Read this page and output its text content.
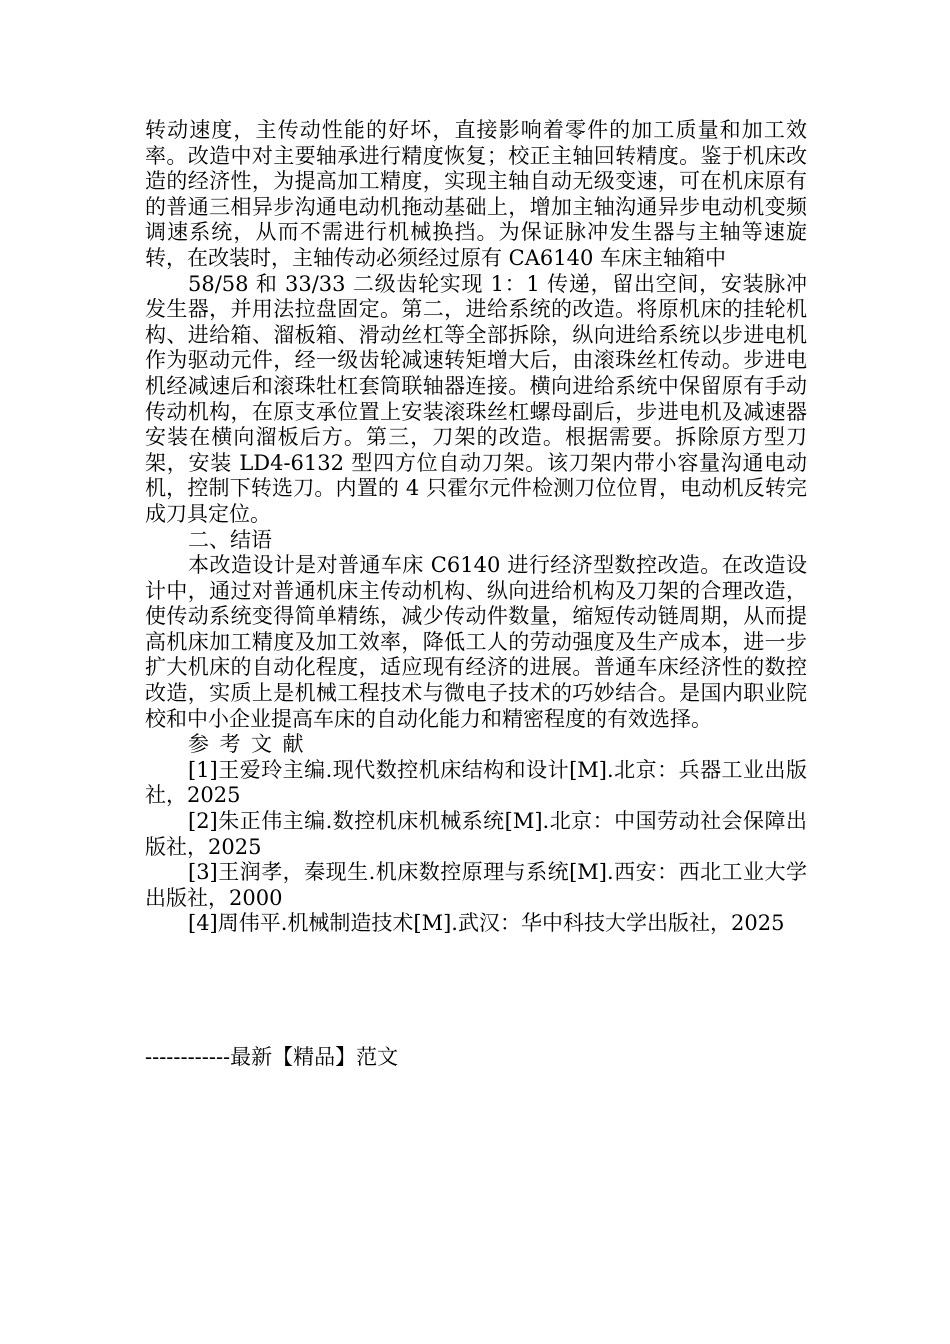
转动速度，主传动性能的好坏，直接影响着零件的加工质量和加工效率。改造中对主要轴承进行精度恢复；校正主轴回转精度。鉴于机床改造的经济性，为提高加工精度，实现主轴自动无级变速，可在机床原有的普通三相异步沟通电动机拖动基础上，增加主轴沟通异步电动机变频调速系统，从而不需进行机械换挡。为保证脉冲发生器与主轴等速旋转，在改装时，主轴传动必须经过原有 CA6140 车床主轴箱中

58/58 和 33/33 二级齿轮实现 1：1 传递，留出空间，安装脉冲发生器，并用法拉盘固定。第二，进给系统的改造。将原机床的挂轮机构、进给箱、溜板箱、滑动丝杠等全部拆除，纵向进给系统以步进电机作为驱动元件，经一级齿轮减速转矩增大后，由滚珠丝杠传动。步进电机经减速后和滚珠牡杠套筒联轴器连接。横向进给系统中保留原有手动传动机构，在原支承位置上安装滚珠丝杠螺母副后，步进电机及减速器安装在横向溜板后方。第三，刀架的改造。根据需要。拆除原方型刀架，安装 LD4-6132 型四方位自动刀架。该刀架内带小容量沟通电动机，控制下转选刀。内置的 4 只霍尔元件检测刀位位胃，电动机反转完成刀具定位。

二、结语

本改造设计是对普通车床 C6140 进行经济型数控改造。在改造设计中，通过对普通机床主传动机构、纵向进给机构及刀架的合理改造，使传动系统变得简单精练，减少传动件数量，缩短传动链周期，从而提高机床加工精度及加工效率，降低工人的劳动强度及生产成本，进一步扩大机床的自动化程度，适应现有经济的进展。普通车床经济性的数控改造，实质上是机械工程技术与微电子技术的巧妙结合。是国内职业院校和中小企业提高车床的自动化能力和精密程度的有效选择。

参考文献

[1]王爱玲主编.现代数控机床结构和设计[M].北京：兵器工业出版社，2025

[2]朱正伟主编.数控机床机械系统[M].北京：中国劳动社会保障出版社，2025

[3]王润孝，秦现生.机床数控原理与系统[M].西安：西北工业大学出版社，2000

[4]周伟平.机械制造技术[M].武汉：华中科技大学出版社，2025

------------最新【精品】范文
